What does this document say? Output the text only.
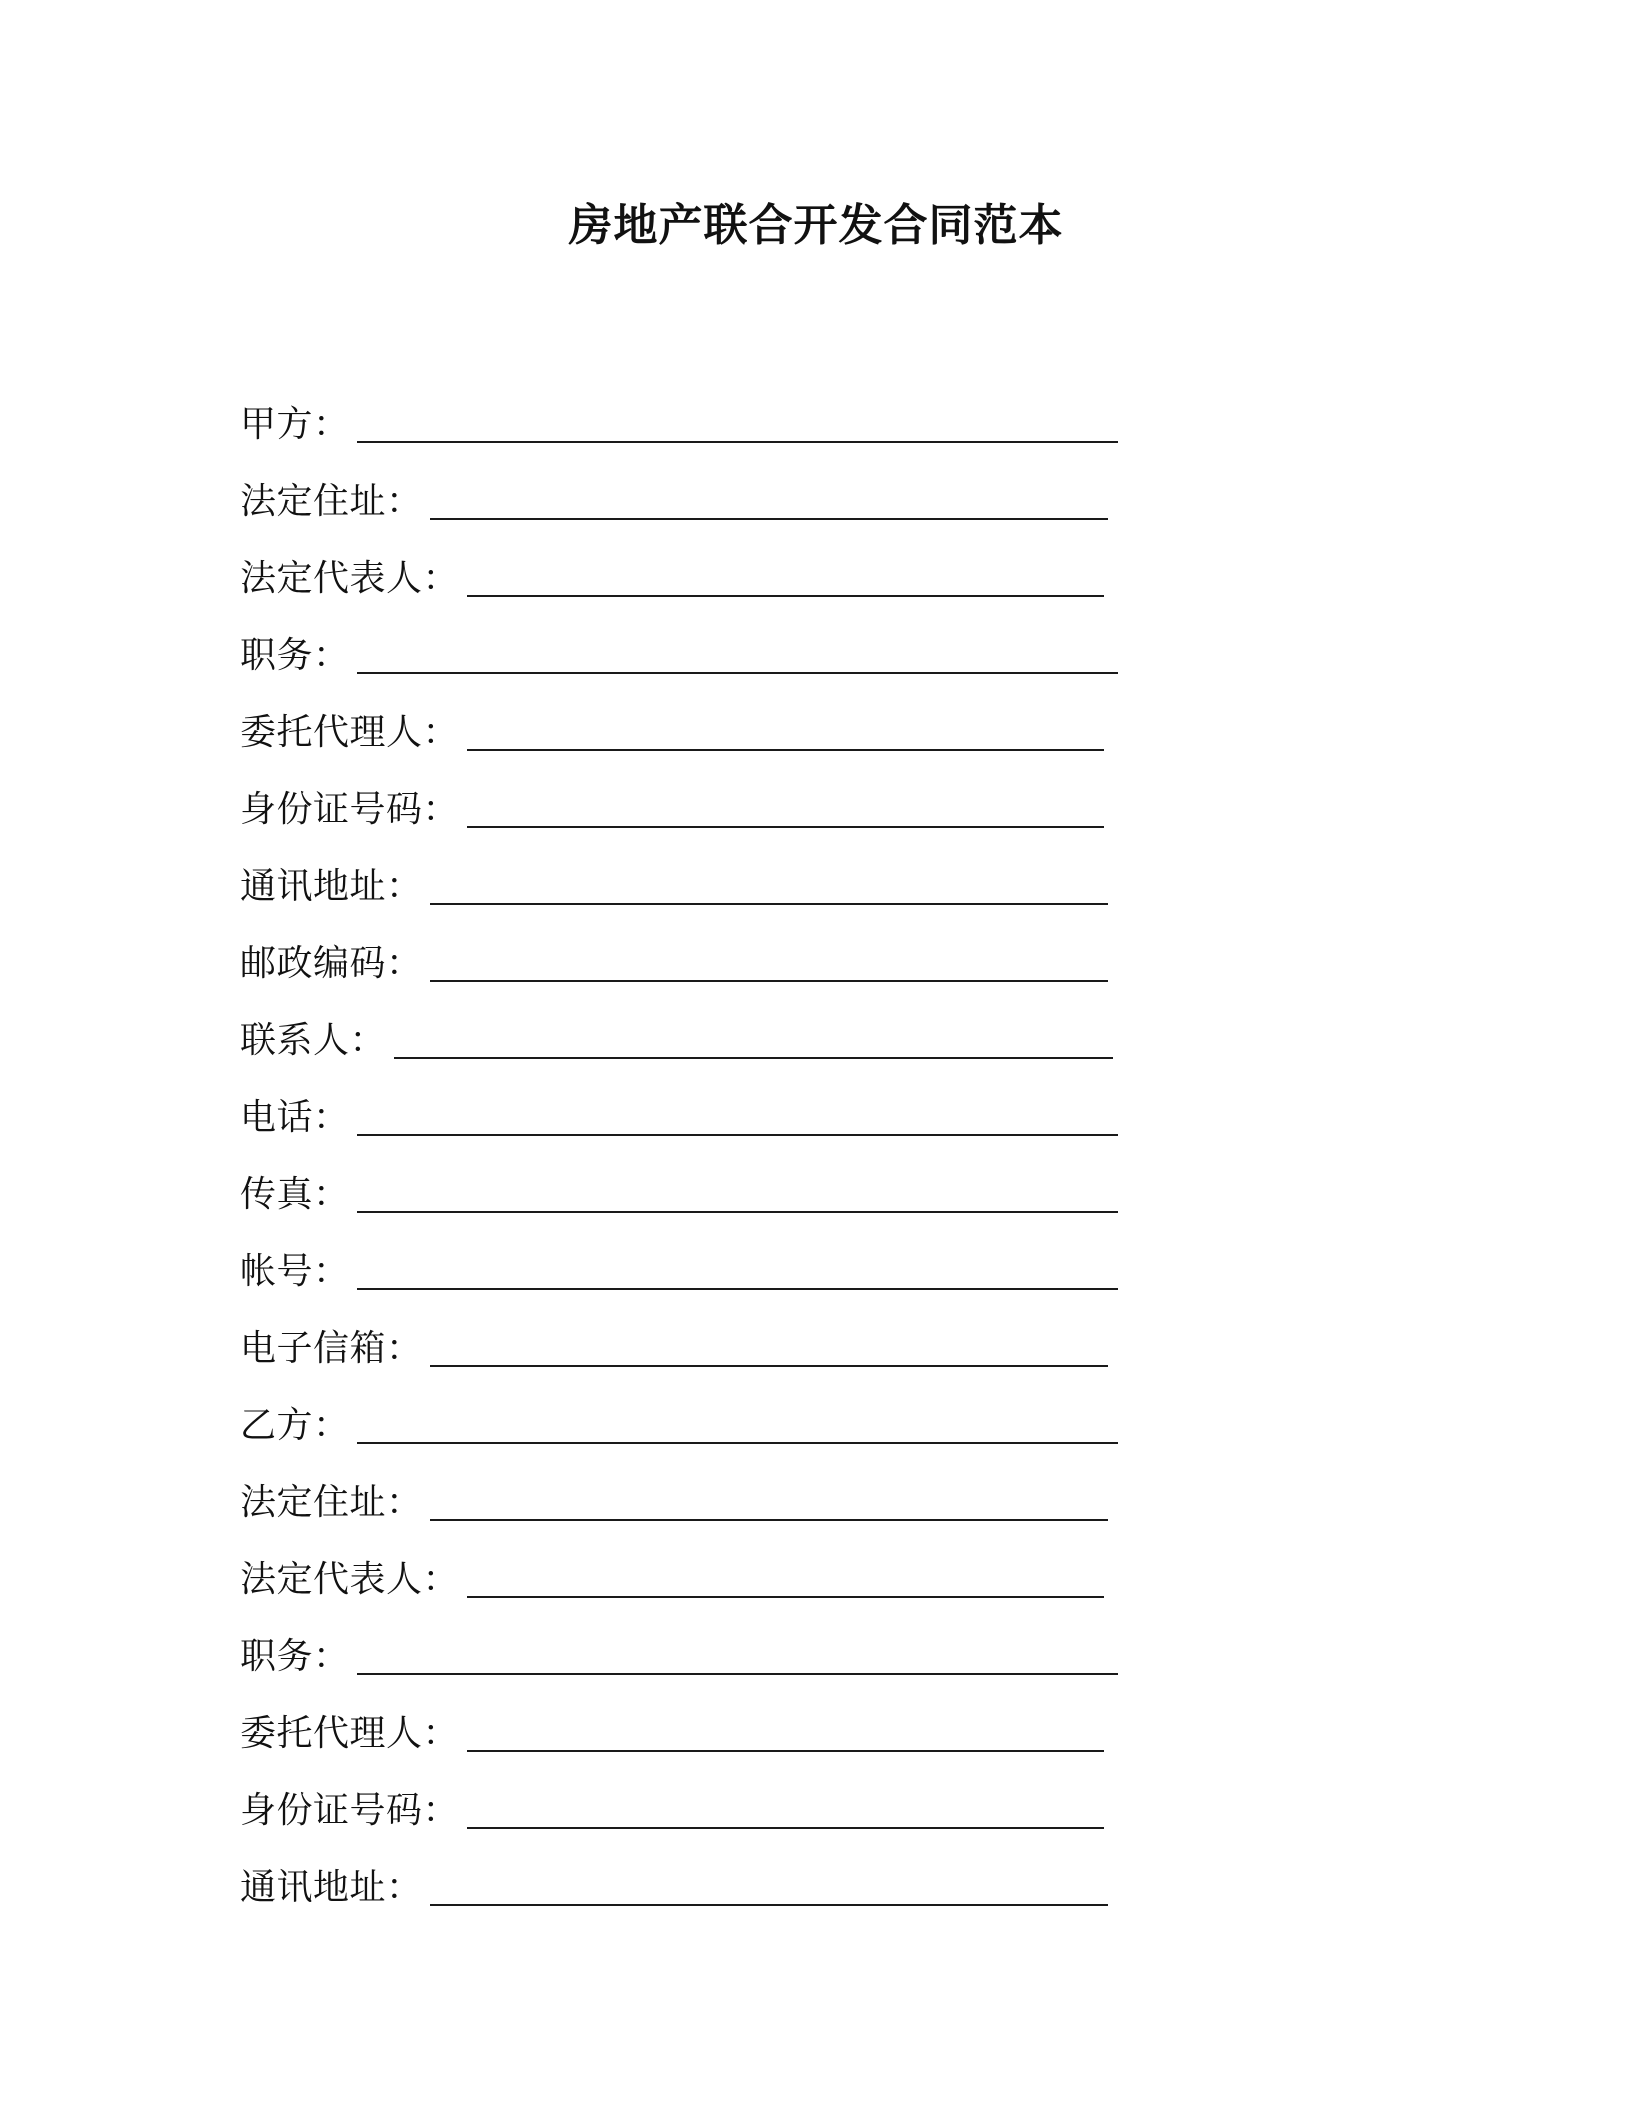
房地产联合开发合同范本
甲方 ：
法定住址 ：
法定代表人 ：
职务 ：
委托代理人 ：
身份证号码 ：
通讯地址 ：
邮政编码 ：
联系人 ：
电话 ：
传真 ：
帐号 ：
电子信箱 ：
乙方 ：
法定住址 ：
法定代表人 ：
职务 ：
委托代理人 ：
身份证号码 ：
通讯地址 ：
